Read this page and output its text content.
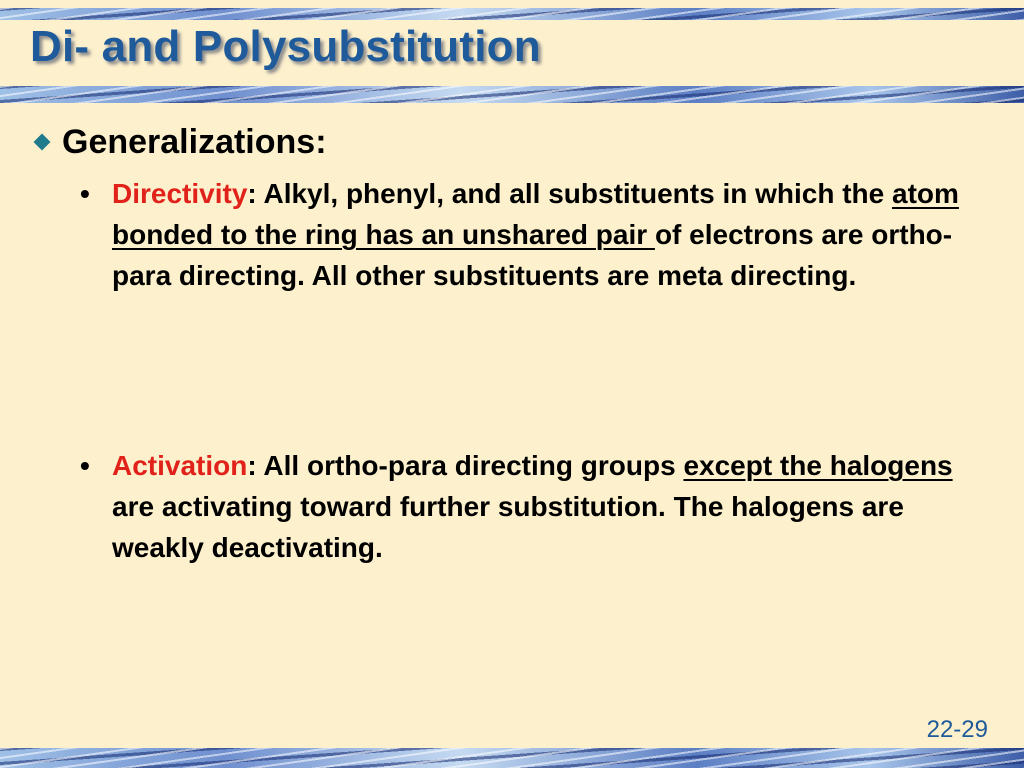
Di- and Polysubstitution
Generalizations:
• Directivity: Alkyl, phenyl, and all substituents in which the atom bonded to the ring has an unshared pair of electrons are ortho-para directing. All other substituents are meta directing.
• Activation: All ortho-para directing groups except the halogens are activating toward further substitution. The halogens are weakly deactivating.
22-29
